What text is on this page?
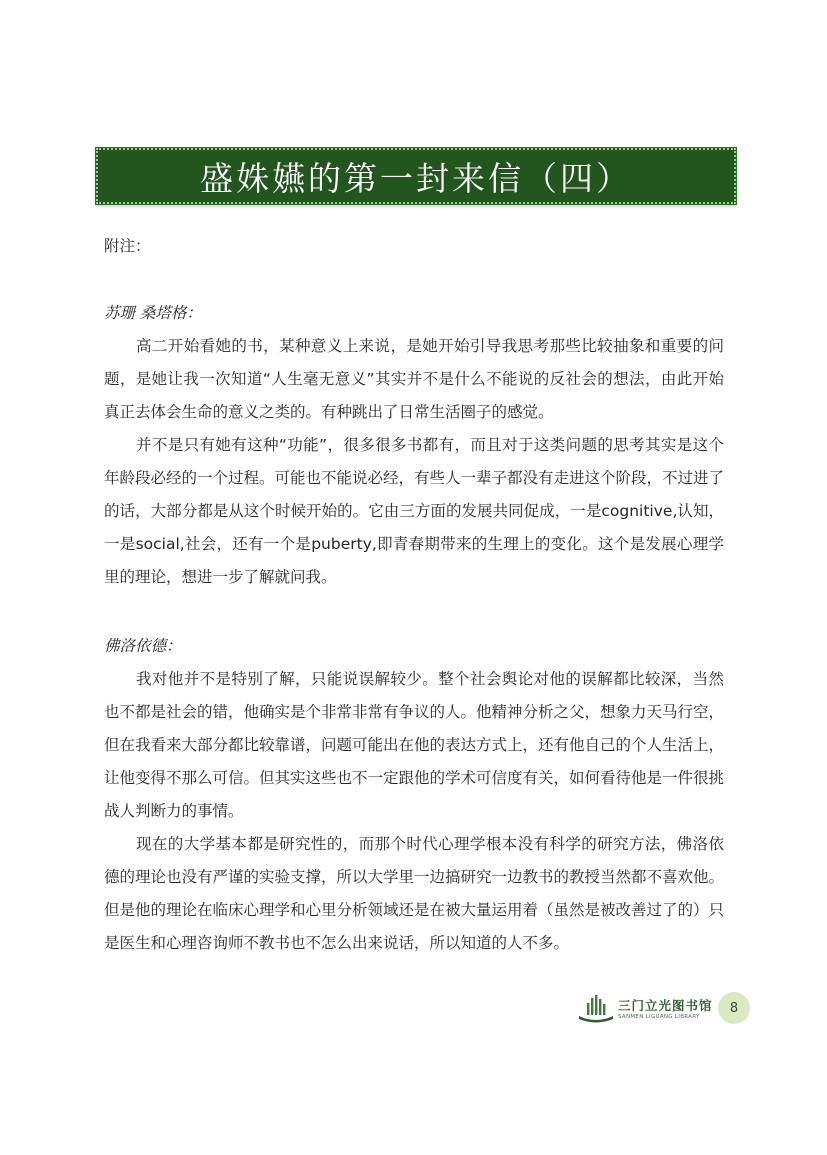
盛姝嬿的第一封来信（四）
附注：
苏珊 桑塔格：

高二开始看她的书，某种意义上来说，是她开始引导我思考那些比较抽象和重要的问题，是她让我一次知道“人生毫无意义”其实并不是什么不能说的反社会的想法，由此开始真正去体会生命的意义之类的。有种跳出了日常生活圈子的感觉。

并不是只有她有这种“功能”，很多很多书都有，而且对于这类问题的思考其实是这个年龄段必经的一个过程。可能也不能说必经，有些人一辈子都没有走进这个阶段，不过进了的话，大部分都是从这个时候开始的。它由三方面的发展共同促成，一是cognitive,认知，一是social,社会，还有一个是puberty,即青春期带来的生理上的变化。这个是发展心理学里的理论，想进一步了解就问我。

佛洛依德：

我对他并不是特别了解，只能说误解较少。整个社会舆论对他的误解都比较深，当然也不都是社会的错，他确实是个非常非常有争议的人。他精神分析之父，想象力天马行空，但在我看来大部分都比较靠谱，问题可能出在他的表达方式上，还有他自己的个人生活上，让他变得不那么可信。但其实这些也不一定跟他的学术可信度有关，如何看待他是一件很挑战人判断力的事情。

现在的大学基本都是研究性的，而那个时代心理学根本没有科学的研究方法，佛洛依德的理论也没有严谨的实验支撑，所以大学里一边搞研究一边教书的教授当然都不喜欢他。但是他的理论在临床心理学和心里分析领域还是在被大量运用着（虽然是被改善过了的）只是医生和心理咨询师不教书也不怎么出来说话，所以知道的人不多。

三门立光图书馆
SANMEN LIGUANG LIBRARY
8
